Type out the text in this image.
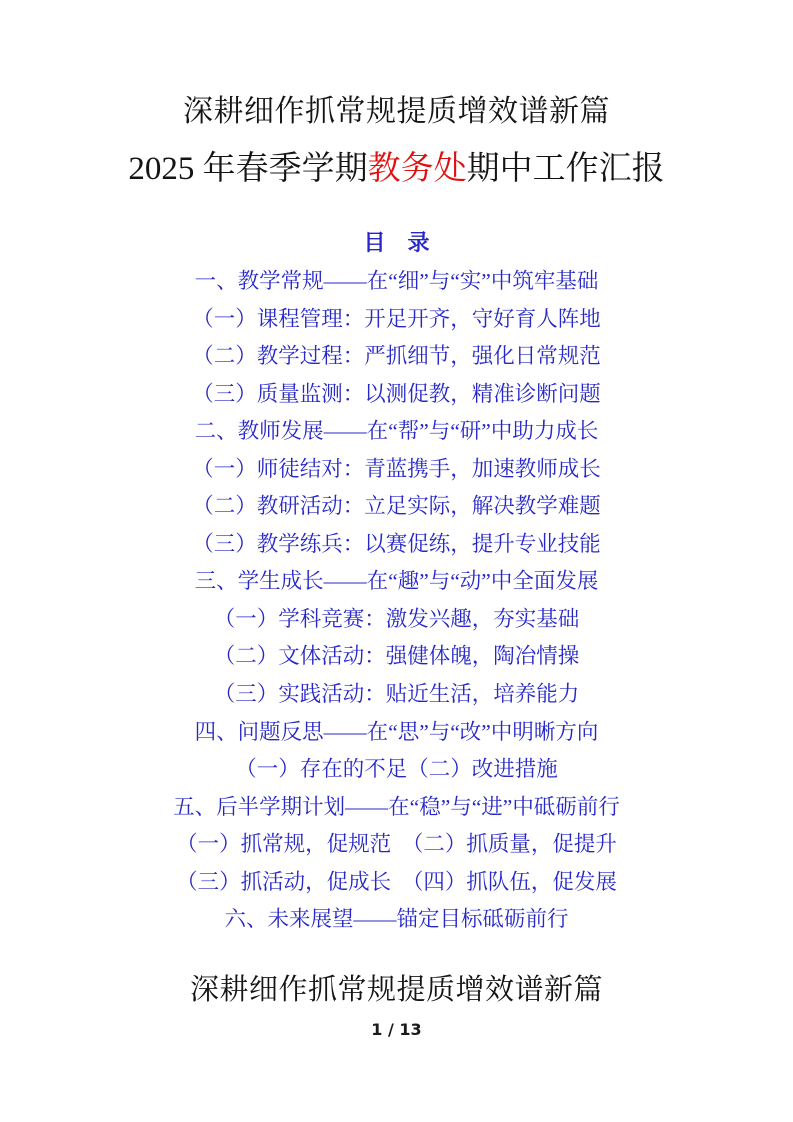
深耕细作抓常规提质增效谱新篇
2025 年春季学期教务处期中工作汇报
目　录
一、教学常规——在“细”与“实”中筑牢基础
（一）课程管理：开足开齐，守好育人阵地
（二）教学过程：严抓细节，强化日常规范
（三）质量监测：以测促教，精准诊断问题
二、教师发展——在“帮”与“研”中助力成长
（一）师徒结对：青蓝携手，加速教师成长
（二）教研活动：立足实际，解决教学难题
（三）教学练兵：以赛促练，提升专业技能
三、学生成长——在“趣”与“动”中全面发展
（一）学科竞赛：激发兴趣，夯实基础
（二）文体活动：强健体魄，陶冶情操
（三）实践活动：贴近生活，培养能力
四、问题反思——在“思”与“改”中明晰方向
（一）存在的不足（二）改进措施
五、后半学期计划——在“稳”与“进”中砥砺前行
（一）抓常规，促规范　（二）抓质量，促提升
（三）抓活动，促成长　（四）抓队伍，促发展
六、未来展望——锚定目标砥砺前行
深耕细作抓常规提质增效谱新篇
1 / 13
